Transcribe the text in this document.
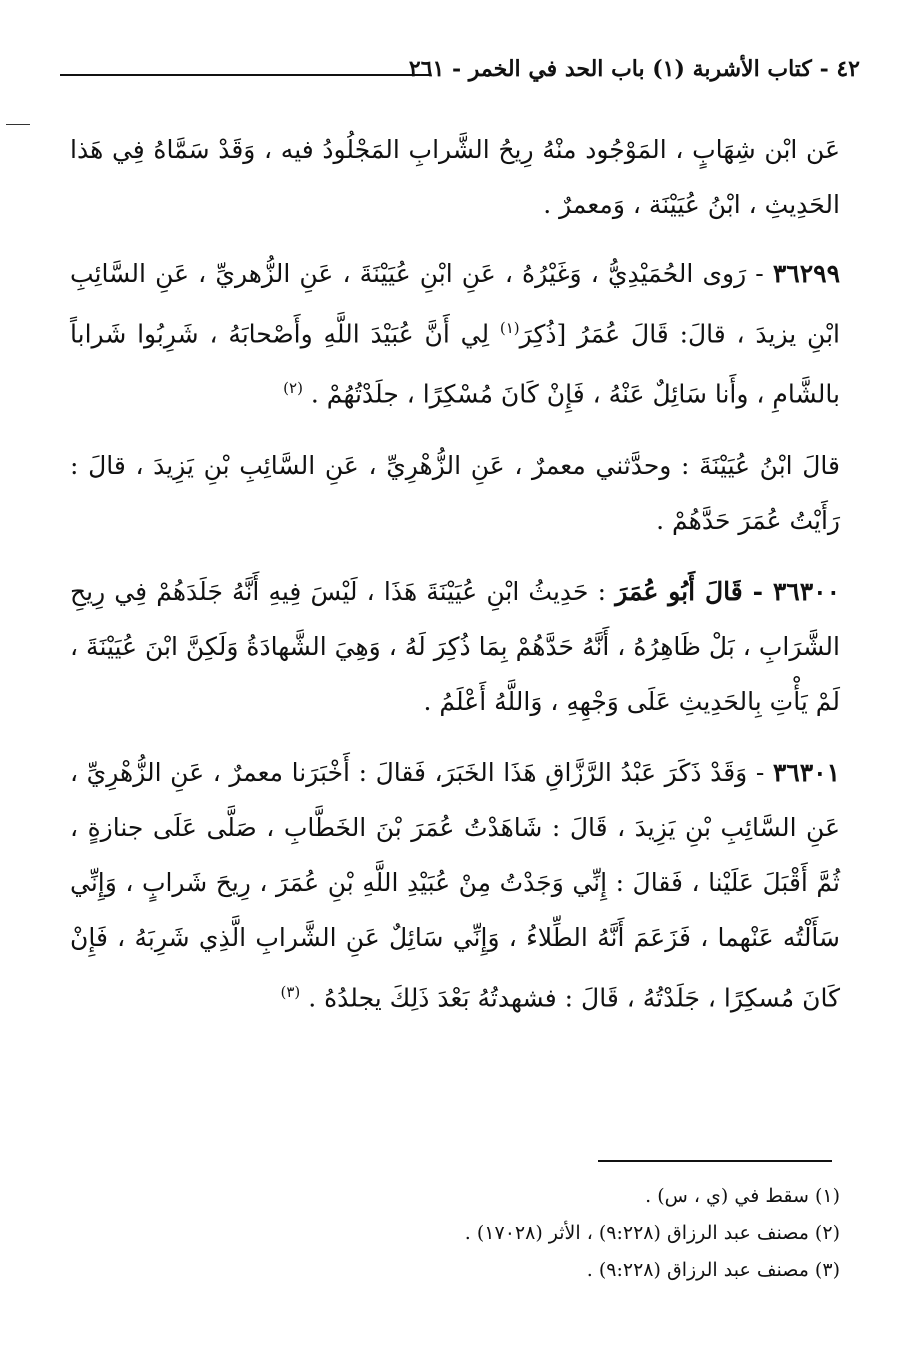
٤٢ - كتاب الأشربة (١) باب الحد في الخمر - ٢٦١

عَن ابْن شِهَابٍ ، المَوْجُود منْهُ رِيحُ الشَّرابِ المَجْلُودُ فيه ، وَقَدْ سَمَّاهُ فِي هَذا الحَدِيثِ ، ابْنُ عُيَيْنَة ، وَمعمرٌ .

٣٦٢٩٩ - رَوى الحُمَيْدِيُّ ، وَغَيْرُهُ ، عَنِ ابْنِ عُيَيْنَةَ ، عَنِ الزُّهريِّ ، عَنِ السَّائِبِ ابْنِ يزيدَ ، قالَ: قَالَ عُمَرُ [ذُكِرَ$^{(١)}$ لِي أَنَّ عُبَيْدَ اللَّهِ وأَصْحابَهُ ، شَرِبُوا شَراباً بالشَّامِ ، وأَنا سَائِلٌ عَنْهُ ، فَإِنْ كَانَ مُسْكِرًا ، جلَدْتُهُمْ . $^{(٢)}$

قالَ ابْنُ عُيَيْنَةَ : وحدَّثني معمرٌ ، عَنِ الزُّهْرِيِّ ، عَنِ السَّائِبِ بْنِ يَزِيدَ ، قالَ : رَأَيْتُ عُمَرَ حَدَّهُمْ .

٣٦٣٠٠ - قَالَ أَبُو عُمَرَ : حَدِيثُ ابْنِ عُيَيْنَةَ هَذَا ، لَيْسَ فِيهِ أَنَّهُ جَلَدَهُمْ فِي رِيحِ الشَّرَابِ ، بَلْ ظَاهِرُهُ ، أَنَّهُ حَدَّهُمْ بِمَا ذُكِرَ لَهُ ، وَهِيَ الشَّهادَةُ وَلَكِنَّ ابْنَ عُيَيْنَةَ ، لَمْ يَأْتِ بِالحَدِيثِ عَلَى وَجْهِهِ ، وَاللَّهُ أَعْلَمُ .

٣٦٣٠١ - وَقَدْ ذَكَرَ عَبْدُ الرَّزَّاقِ هَذَا الخَبَرَ، فَقالَ : أَخْبَرَنا معمرٌ ، عَنِ الزُّهْرِيِّ ، عَنِ السَّائِبِ بْنِ يَزِيدَ ، قَالَ : شَاهَدْتُ عُمَرَ بْنَ الخَطَّابِ ، صَلَّى عَلَى جنازةٍ ، ثُمَّ أَقْبَلَ عَلَيْنا ، فَقالَ : إِنِّي وَجَدْتُ مِنْ عُبَيْدِ اللَّهِ بْنِ عُمَرَ ، رِيحَ شَرابٍ ، وَإِنِّي سَأَلْتُه عَنْهما ، فَزَعَمَ أَنَّهُ الطِّلاءُ ، وَإِنِّي سَائِلٌ عَنِ الشَّرابِ الَّذِي شَرِبَهُ ، فَإِنْ كَانَ مُسكِرًا ، جَلَدْتُهُ ، قَالَ : فشهدتُهُ بَعْدَ ذَلِكَ يجلدُهُ . $^{(٣)}$

(١) سقط في (ي ، س) .

(٢) مصنف عبد الرزاق (٩:٢٢٨) ، الأثر (١٧٠٢٨) .

(٣) مصنف عبد الرزاق (٩:٢٢٨) .
